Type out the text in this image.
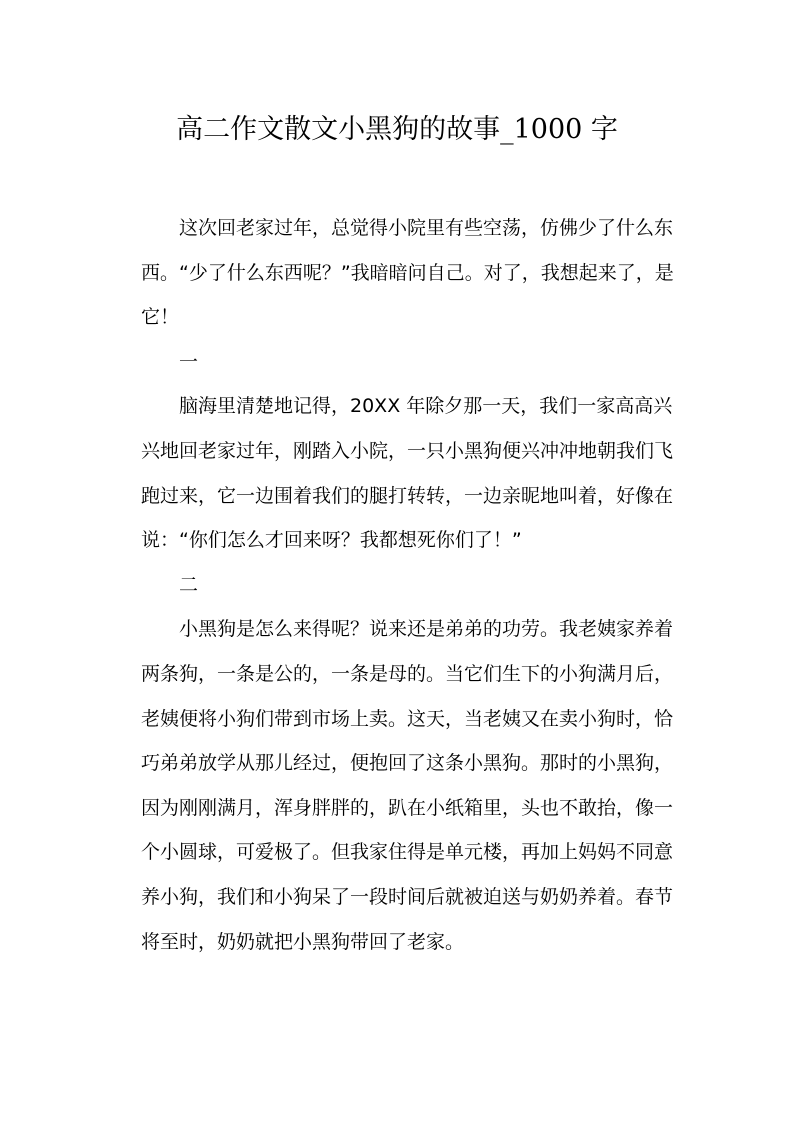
高二作文散文小黑狗的故事_1000 字

这次回老家过年，总觉得小院里有些空荡，仿佛少了什么东西。“少了什么东西呢？”我暗暗问自己。对了，我想起来了，是它！

一

脑海里清楚地记得，20XX 年除夕那一天，我们一家高高兴兴地回老家过年，刚踏入小院，一只小黑狗便兴冲冲地朝我们飞跑过来，它一边围着我们的腿打转转，一边亲昵地叫着，好像在说：“你们怎么才回来呀？我都想死你们了！”

二

小黑狗是怎么来得呢？说来还是弟弟的功劳。我老姨家养着两条狗，一条是公的，一条是母的。当它们生下的小狗满月后，老姨便将小狗们带到市场上卖。这天，当老姨又在卖小狗时，恰巧弟弟放学从那儿经过，便抱回了这条小黑狗。那时的小黑狗，因为刚刚满月，浑身胖胖的，趴在小纸箱里，头也不敢抬，像一个小圆球，可爱极了。但我家住得是单元楼，再加上妈妈不同意养小狗，我们和小狗呆了一段时间后就被迫送与奶奶养着。春节将至时，奶奶就把小黑狗带回了老家。
